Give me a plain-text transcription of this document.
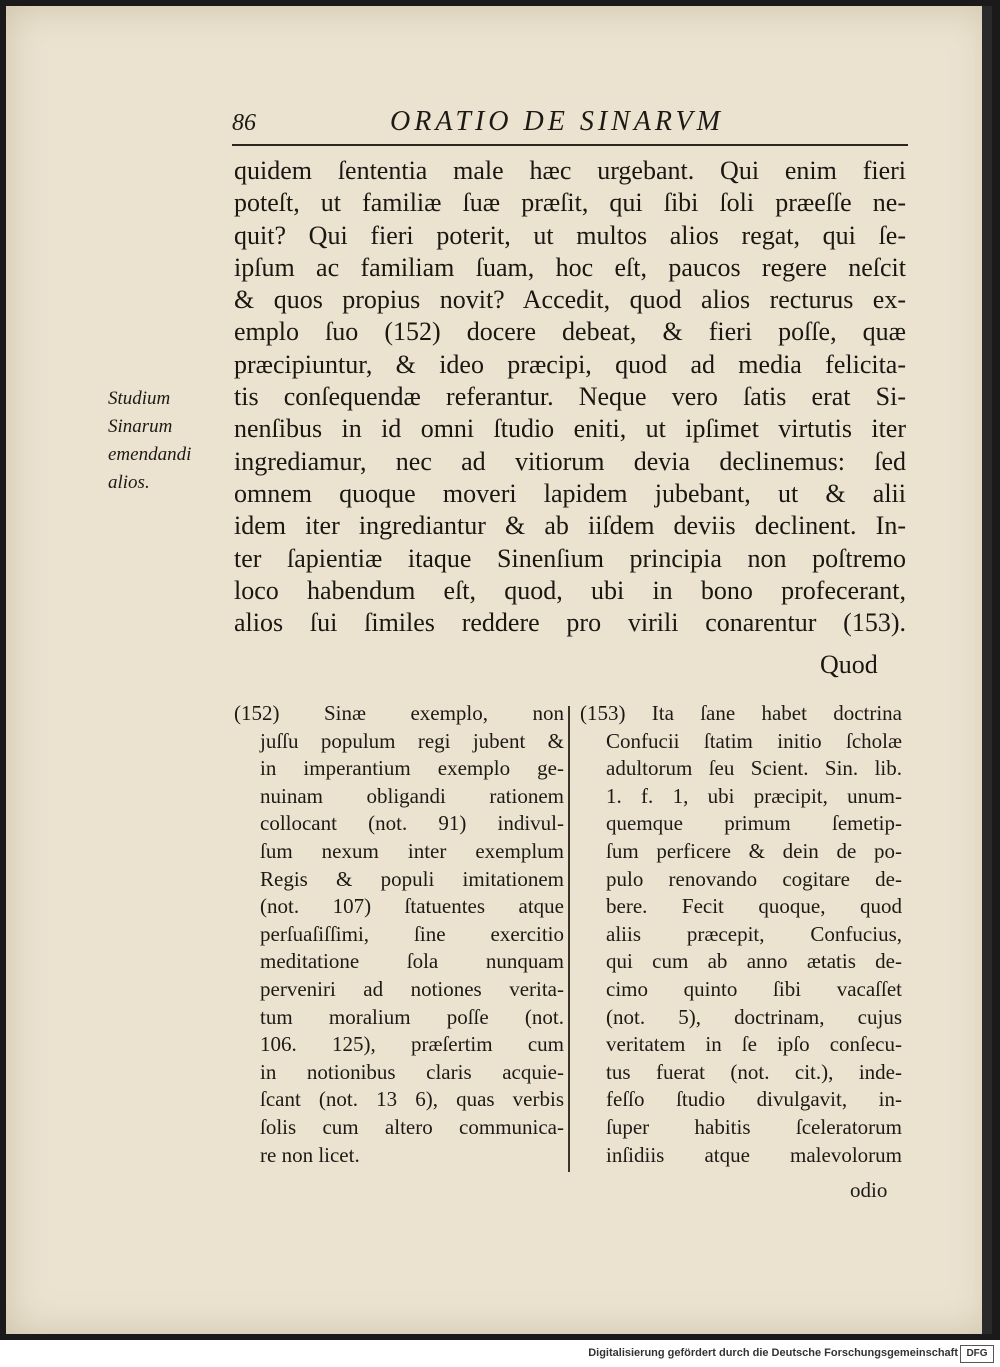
86	ORATIO DE SINARVM
Studium
Sinarum
emendandi
alios.
quidem ſententia male hæc urgebant. Qui enim fieri
poteſt, ut familiæ ſuæ præſit, qui ſibi ſoli præeſſe ne-
quit? Qui fieri poterit, ut multos alios regat, qui ſe-
ipſum ac familiam ſuam, hoc eſt, paucos regere neſcit
& quos propius novit? Accedit, quod alios recturus ex-
emplo ſuo (152) docere debeat, & fieri poſſe, quæ
præcipiuntur, & ideo præcipi, quod ad media felicita-
tis conſequendæ referantur. Neque vero ſatis erat Si-
nenſibus in id omni ſtudio eniti, ut ipſimet virtutis iter
ingrediamur, nec ad vitiorum devia declinemus: ſed
omnem quoque moveri lapidem jubebant, ut & alii
idem iter ingrediantur & ab iiſdem deviis declinent. In-
ter ſapientiæ itaque Sinenſium principia non poſtremo
loco habendum eſt, quod, ubi in bono profecerant,
alios ſui ſimiles reddere pro virili conarentur (153).
Quod
(152) Sinæ exemplo, non
juſſu populum regi jubent &
in imperantium exemplo ge-
nuinam obligandi rationem
collocant (not. 91) indivul-
ſum nexum inter exemplum
Regis & populi imitationem
(not. 107) ſtatuentes atque
perſuaſiſſimi, ſine exercitio
meditatione ſola nunquam
perveniri ad notiones verita-
tum moralium poſſe (not.
106. 125), præſertim cum
in notionibus claris acquie-
ſcant (not. 13 6), quas verbis
ſolis cum altero communica-
re non licet.
(153) Ita ſane habet doctrina
Confucii ſtatim initio ſcholæ
adultorum ſeu Scient. Sin. lib.
1. f. 1, ubi præcipit, unum-
quemque primum ſemetip-
ſum perficere & dein de po-
pulo renovando cogitare de-
bere. Fecit quoque, quod
aliis præcepit, Confucius,
qui cum ab anno ætatis de-
cimo quinto ſibi vacaſſet
(not. 5), doctrinam, cujus
veritatem in ſe ipſo conſecu-
tus fuerat (not. cit.), inde-
feſſo ſtudio divulgavit, in-
ſuper habitis ſceleratorum
inſidiis atque malevolorum
odio
Digitalisierung gefördert durch die Deutsche Forschungsgemeinschaft DFG
